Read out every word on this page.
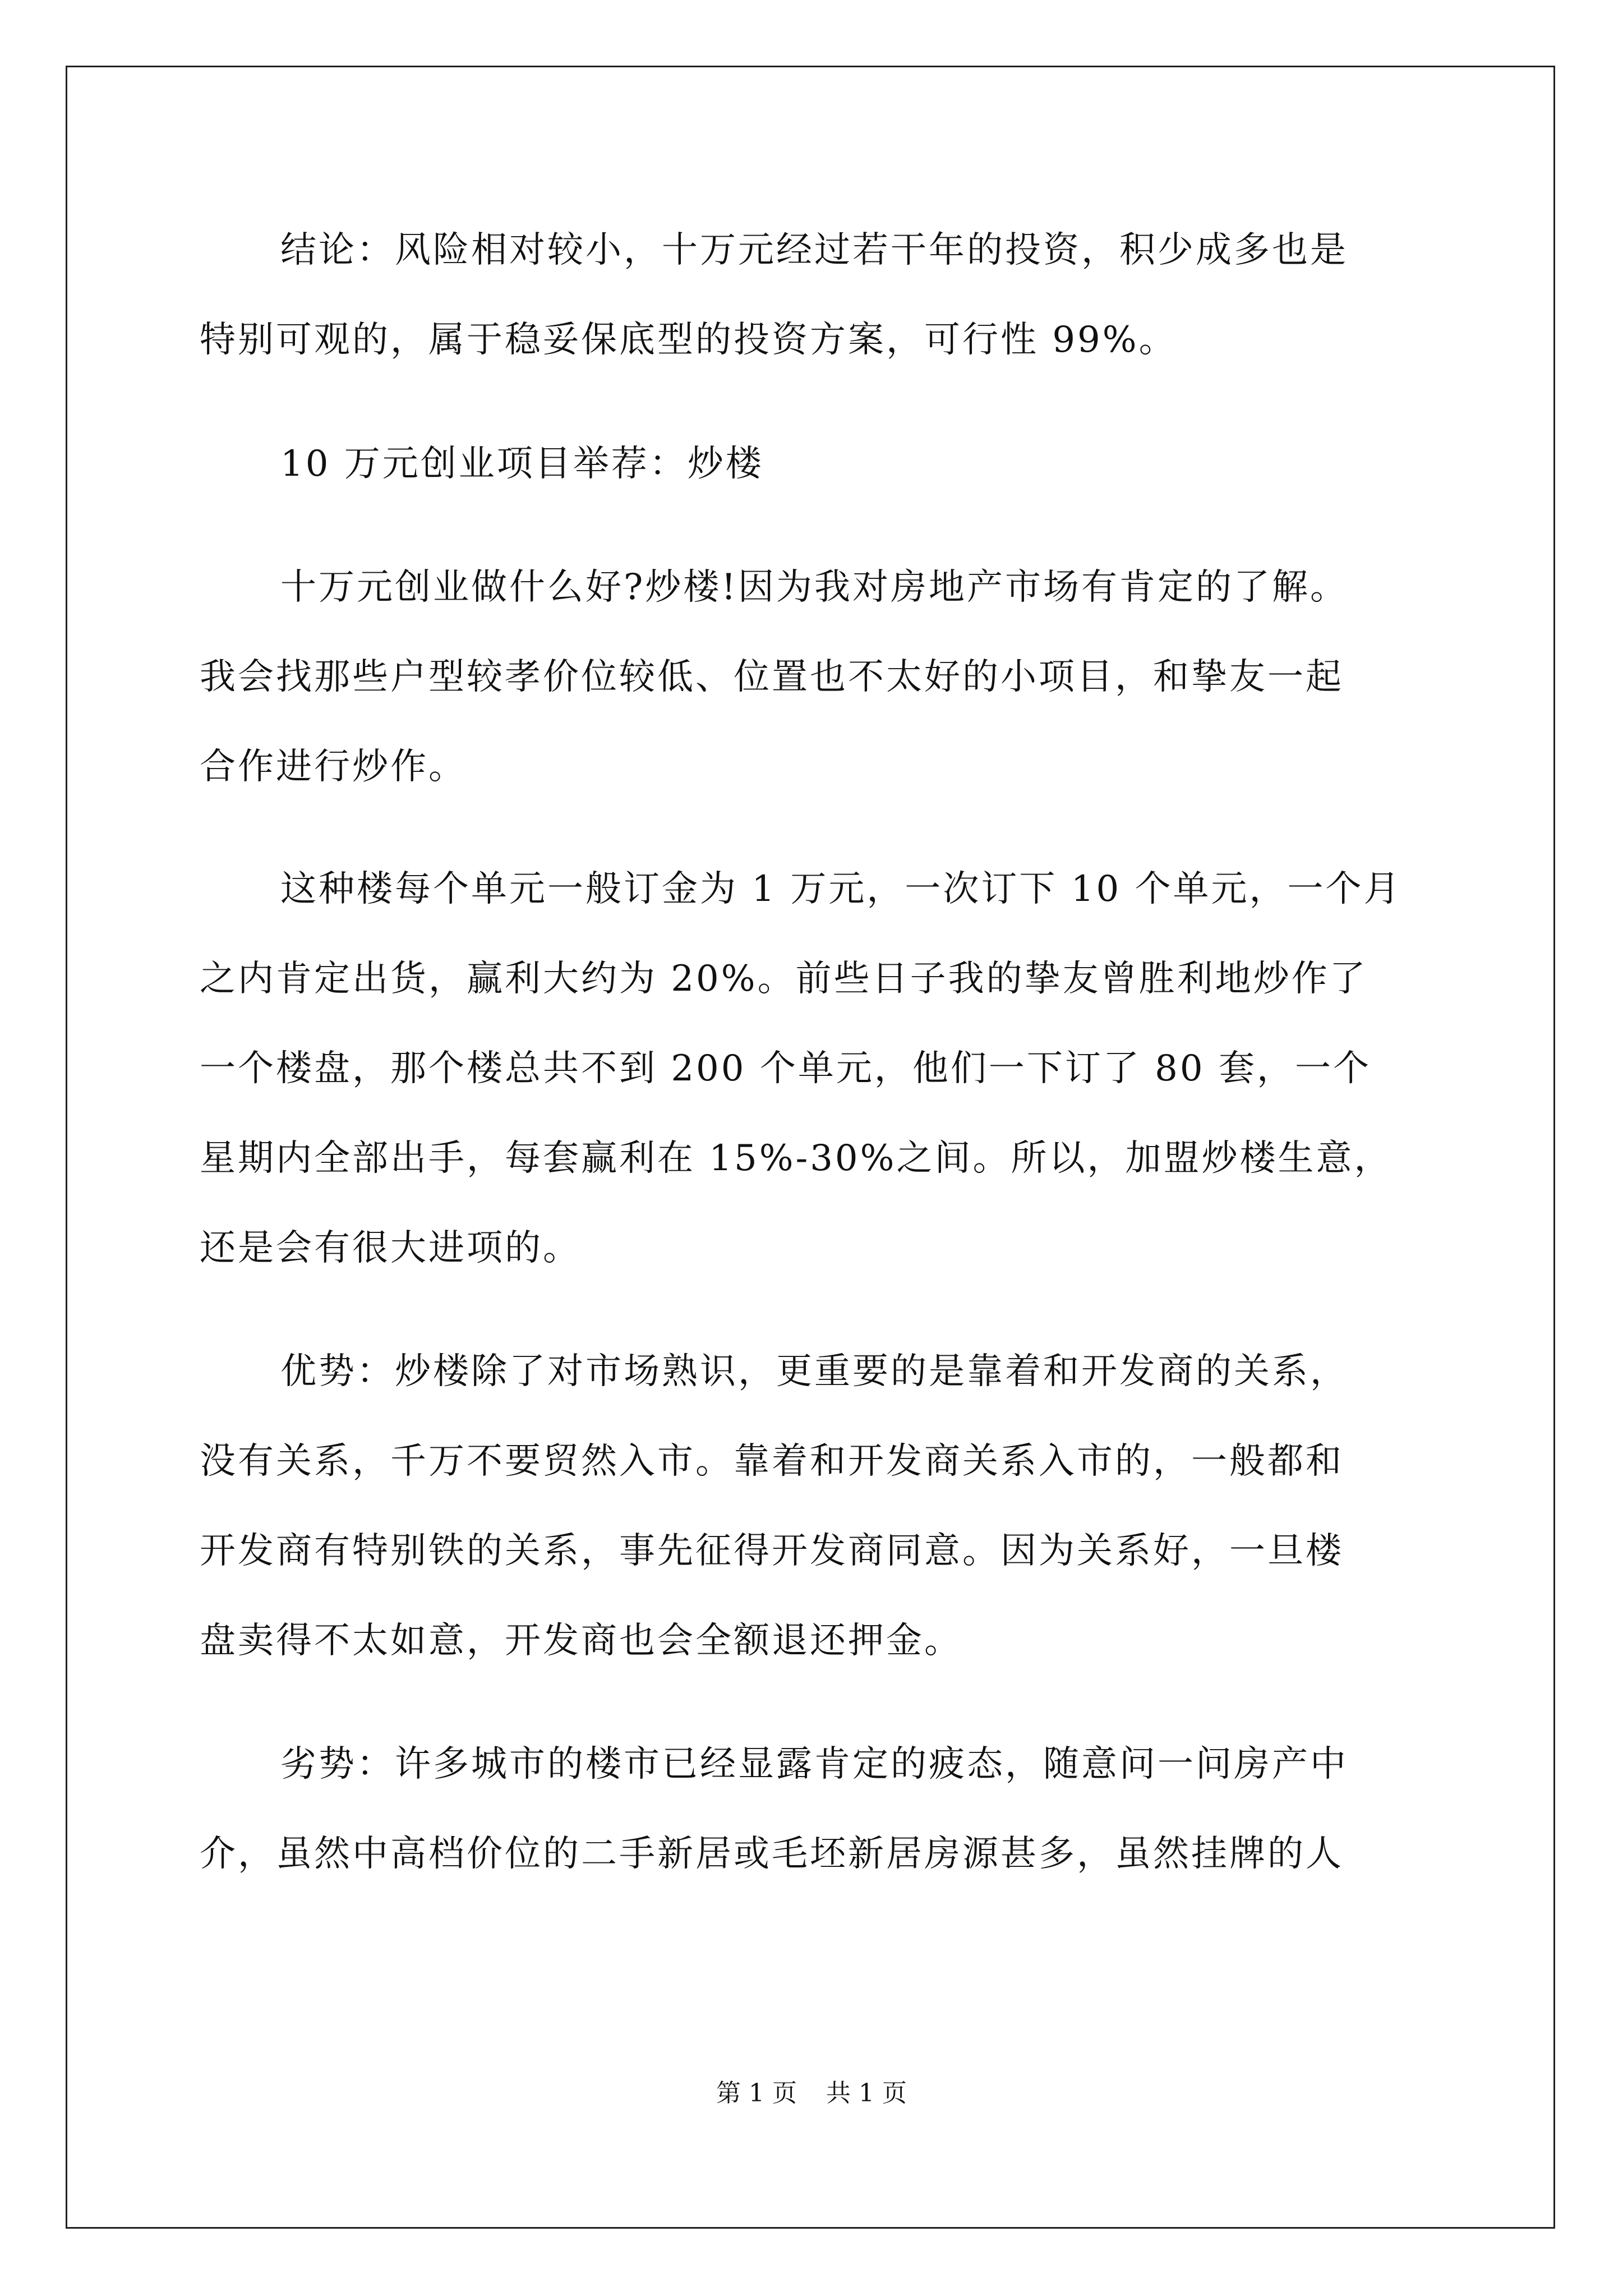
结论：风险相对较小，十万元经过若干年的投资，积少成多也是
特别可观的，属于稳妥保底型的投资方案，可行性 99%。
10 万元创业项目举荐：炒楼
十万元创业做什么好?炒楼!因为我对房地产市场有肯定的了解。
我会找那些户型较孝价位较低、位置也不太好的小项目，和挚友一起
合作进行炒作。
这种楼每个单元一般订金为 1 万元，一次订下 10 个单元，一个月
之内肯定出货，赢利大约为 20%。前些日子我的挚友曾胜利地炒作了
一个楼盘，那个楼总共不到 200 个单元，他们一下订了 80 套，一个
星期内全部出手，每套赢利在 15%-30%之间。所以，加盟炒楼生意，
还是会有很大进项的。
优势：炒楼除了对市场熟识，更重要的是靠着和开发商的关系，
没有关系，千万不要贸然入市。靠着和开发商关系入市的，一般都和
开发商有特别铁的关系，事先征得开发商同意。因为关系好，一旦楼
盘卖得不太如意，开发商也会全额退还押金。
劣势：许多城市的楼市已经显露肯定的疲态，随意问一问房产中
介，虽然中高档价位的二手新居或毛坯新居房源甚多，虽然挂牌的人
第 1 页 共 1 页
